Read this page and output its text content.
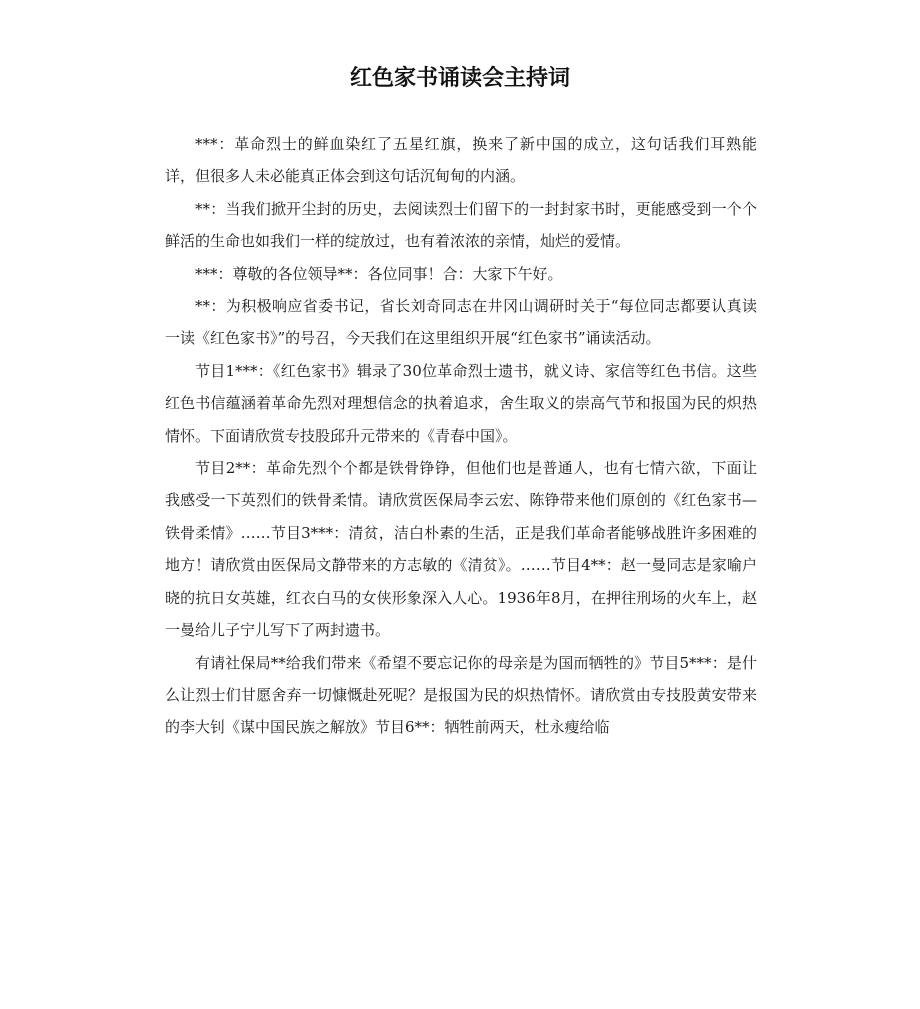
红色家书诵读会主持词

***：革命烈士的鲜血染红了五星红旗，换来了新中国的成立，这句话我们耳熟能详，但很多人未必能真正体会到这句话沉甸甸的内涵。

**：当我们掀开尘封的历史，去阅读烈士们留下的一封封家书时，更能感受到一个个鲜活的生命也如我们一样的绽放过，也有着浓浓的亲情，灿烂的爱情。

***：尊敬的各位领导**：各位同事！合：大家下午好。

**：为积极响应省委书记，省长刘奇同志在井冈山调研时关于“每位同志都要认真读一读《红色家书》”的号召，今天我们在这里组织开展“红色家书”诵读活动。

节目1***：《红色家书》辑录了30位革命烈士遗书，就义诗、家信等红色书信。这些红色书信蕴涵着革命先烈对理想信念的执着追求，舍生取义的崇高气节和报国为民的炽热情怀。下面请欣赏专技股邱升元带来的《青春中国》。

节目2**：革命先烈个个都是铁骨铮铮，但他们也是普通人，也有七情六欲，下面让我感受一下英烈们的铁骨柔情。请欣赏医保局李云宏、陈铮带来他们原创的《红色家书—铁骨柔情》……节目3***：清贫，洁白朴素的生活，正是我们革命者能够战胜许多困难的地方！请欣赏由医保局文静带来的方志敏的《清贫》。……节目4**：赵一曼同志是家喻户晓的抗日女英雄，红衣白马的女侠形象深入人心。1936年8月，在押往刑场的火车上，赵一曼给儿子宁儿写下了两封遗书。

有请社保局**给我们带来《希望不要忘记你的母亲是为国而牺牲的》节目5***：是什么让烈士们甘愿舍弃一切慷慨赴死呢？是报国为民的炽热情怀。请欣赏由专技股黄安带来的李大钊《谋中国民族之解放》节目6**：牺牲前两天，杜永瘦给临
